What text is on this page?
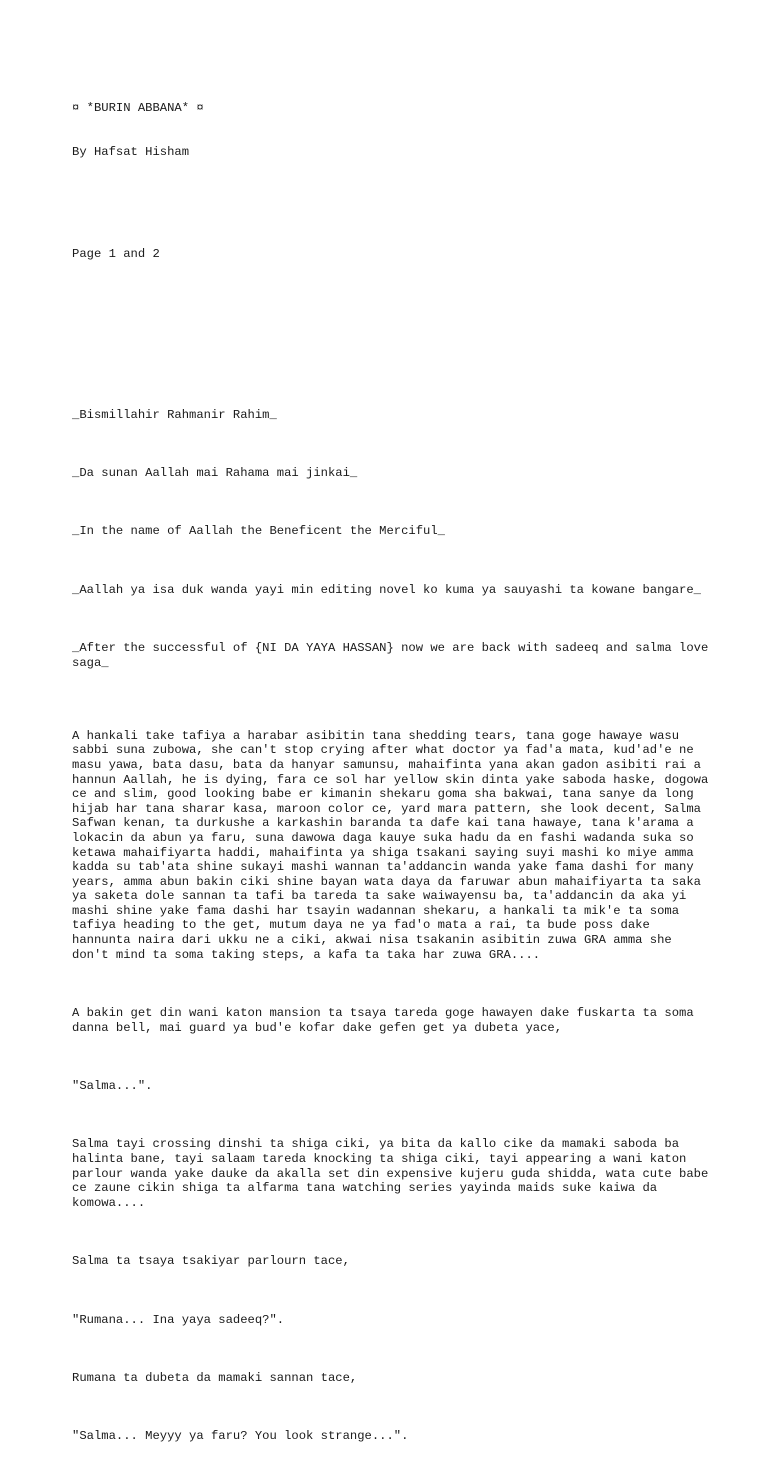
¤ *BURIN ABBANA* ¤

By Hafsat Hisham

Page 1 and 2

_Bismillahir Rahmanir Rahim_

_Da sunan Aallah mai Rahama mai jinkai_

_In the name of Aallah the Beneficent the Merciful_

_Aallah ya isa duk wanda yayi min editing novel ko kuma ya sauyashi ta kowane bangare_

_After the successful of {NI DA YAYA HASSAN} now we are back with sadeeq and salma love saga_

A hankali take tafiya a harabar asibitin tana shedding tears, tana goge hawaye wasu sabbi suna zubowa, she can't stop crying after what doctor ya fad'a mata, kud'ad'e ne masu yawa, bata dasu, bata da hanyar samunsu, mahaifinta yana akan gadon asibiti rai a hannun Aallah, he is dying, fara ce sol har yellow skin dinta yake saboda haske, dogowa ce and slim, good looking babe er kimanin shekaru goma sha bakwai, tana sanye da long hijab har tana sharar kasa, maroon color ce, yard mara pattern, she look decent, Salma Safwan kenan, ta durkushe a karkashin baranda ta dafe kai tana hawaye, tana k'arama a lokacin da abun ya faru, suna dawowa daga kauye suka hadu da en fashi wadanda suka so ketawa mahaifiyarta haddi, mahaifinta ya shiga tsakani saying suyi mashi ko miye amma kadda su tab'ata shine sukayi mashi wannan ta'addancin wanda yake fama dashi for many years, amma abun bakin ciki shine bayan wata daya da faruwar abun mahaifiyarta ta saka ya saketa dole sannan ta tafi ba tareda ta sake waiwayensu ba, ta'addancin da aka yi mashi shine yake fama dashi har tsayin wadannan shekaru, a hankali ta mik'e ta soma tafiya heading to the get, mutum daya ne ya fad'o mata a rai, ta bude poss dake hannunta naira dari ukku ne a ciki, akwai nisa tsakanin asibitin zuwa GRA amma she don't mind ta soma taking steps, a kafa ta taka har zuwa GRA....

A bakin get din wani katon mansion ta tsaya tareda goge hawayen dake fuskarta ta soma danna bell, mai guard ya bud'e kofar dake gefen get ya dubeta yace,

"Salma...".

Salma tayi crossing dinshi ta shiga ciki, ya bita da kallo cike da mamaki saboda ba halinta bane, tayi salaam tareda knocking ta shiga ciki, tayi appearing a wani katon parlour wanda yake dauke da akalla set din expensive kujeru guda shidda, wata cute babe ce zaune cikin shiga ta alfarma tana watching series yayinda maids suke kaiwa da komowa....

Salma ta tsaya tsakiyar parlourn tace,

"Rumana... Ina yaya sadeeq?".

Rumana ta dubeta da mamaki sannan tace,

"Salma... Meyyy ya faru? You look strange...".
